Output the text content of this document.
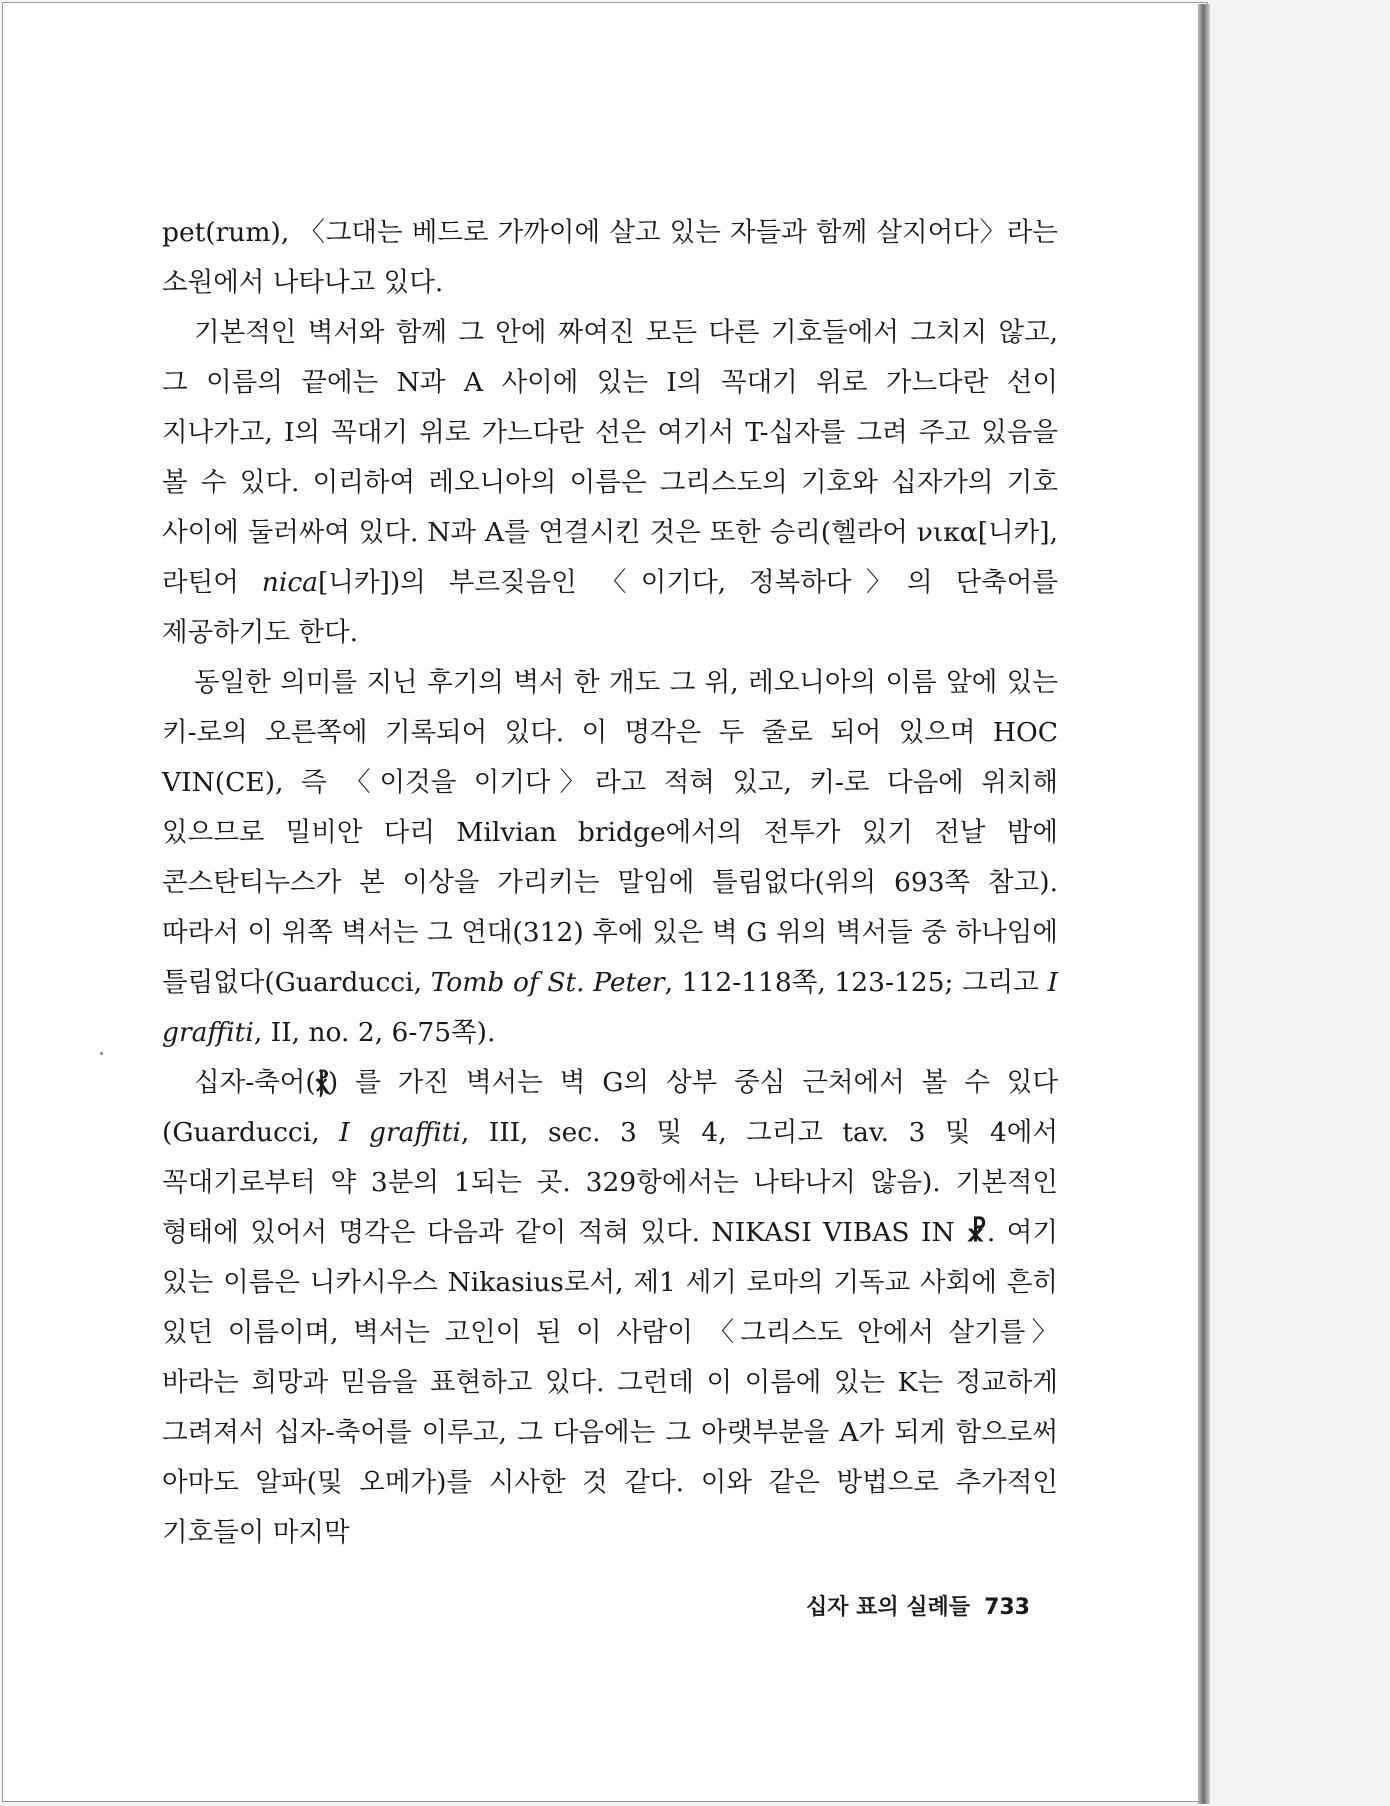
pet(rum), 〈그대는 베드로 가까이에 살고 있는 자들과 함께 살지어다〉라는 소원에서 나타나고 있다.

기본적인 벽서와 함께 그 안에 짜여진 모든 다른 기호들에서 그치지 않고, 그 이름의 끝에는 N과 A 사이에 있는 I의 꼭대기 위로 가느다란 선이 지나가고, I의 꼭대기 위로 가느다란 선은 여기서 T-십자를 그려 주고 있음을 볼 수 있다. 이리하여 레오니아의 이름은 그리스도의 기호와 십자가의 기호 사이에 둘러싸여 있다. N과 A를 연결시킨 것은 또한 승리(헬라어 νικα[니카], 라틴어 nica[니카])의 부르짖음인 〈이기다, 정복하다〉의 단축어를 제공하기도 한다.

동일한 의미를 지닌 후기의 벽서 한 개도 그 위, 레오니아의 이름 앞에 있는 키-로의 오른쪽에 기록되어 있다. 이 명각은 두 줄로 되어 있으며 HOC VIN(CE), 즉 〈이것을 이기다〉라고 적혀 있고, 키-로 다음에 위치해 있으므로 밀비안 다리 Milvian bridge에서의 전투가 있기 전날 밤에 콘스탄티누스가 본 이상을 가리키는 말임에 틀림없다(위의 693쪽 참고). 따라서 이 위쪽 벽서는 그 연대(312) 후에 있은 벽 G 위의 벽서들 중 하나임에 틀림없다(Guarducci, Tomb of St. Peter, 112-118쪽, 123-125; 그리고 I graffiti, II, no. 2, 6-75쪽).

십자-축어(⳩) 를 가진 벽서는 벽 G의 상부 중심 근처에서 볼 수 있다(Guarducci, I graffiti, III, sec. 3 및 4, 그리고 tav. 3 및 4에서 꼭대기로부터 약 3분의 1되는 곳. 329항에서는 나타나지 않음). 기본적인 형태에 있어서 명각은 다음과 같이 적혀 있다. NIKASI VIBAS IN ☧. 여기 있는 이름은 니카시우스 Nikasius로서, 제1 세기 로마의 기독교 사회에 흔히 있던 이름이며, 벽서는 고인이 된 이 사람이 〈그리스도 안에서 살기를〉 바라는 희망과 믿음을 표현하고 있다. 그런데 이 이름에 있는 K는 정교하게 그려져서 십자-축어를 이루고, 그 다음에는 그 아랫부분을 A가 되게 함으로써 아마도 알파(및 오메가)를 시사한 것 같다. 이와 같은 방법으로 추가적인 기호들이 마지막

십자 표의 실례들 733
